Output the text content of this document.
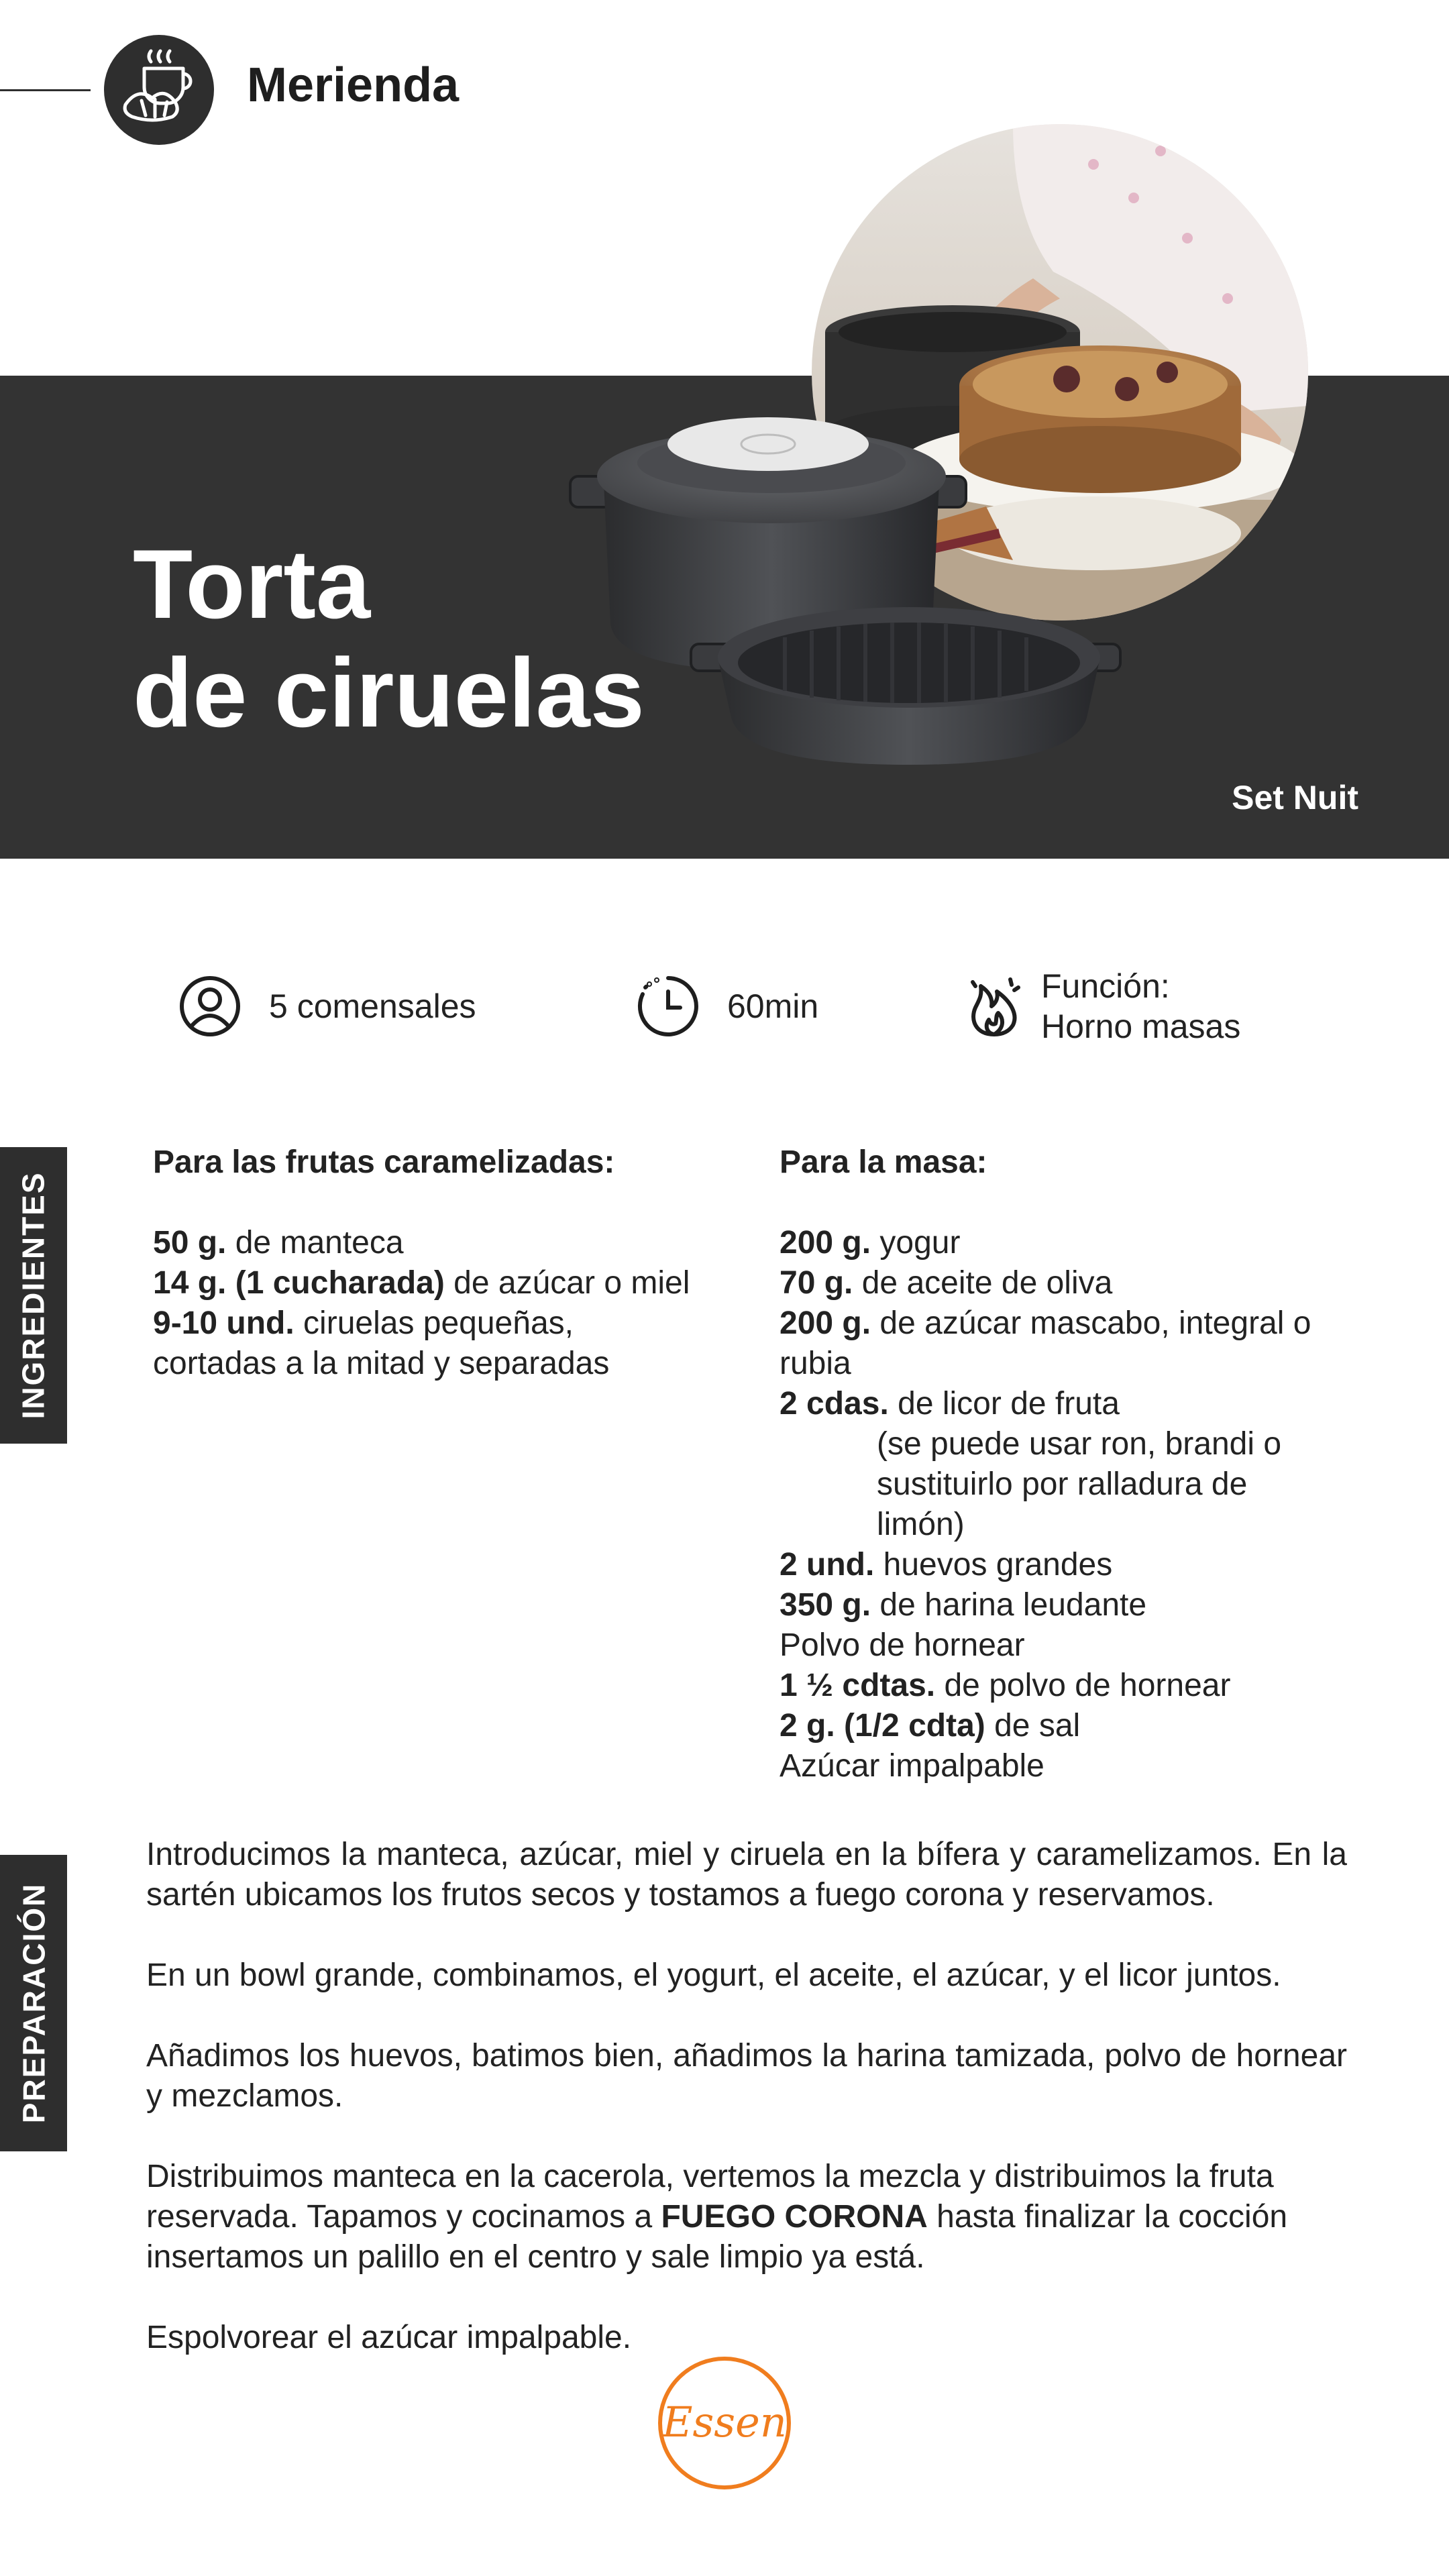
Merienda
Torta
de ciruelas
Set Nuit
5 comensales	60min
Función:
Horno masas
INGREDIENTES

Para las frutas caramelizadas:

50 g. de manteca

14 g. (1 cucharada) de azúcar o miel

9-10 und. ciruelas pequeñas,

cortadas a la mitad y separadas

Para la masa:

200 g. yogur

70 g. de aceite de oliva

200 g. de azúcar mascabo, integral o

rubia

2 cdas. de licor de fruta

(se puede usar ron, brandi o

sustituirlo por ralladura de

limón)

2 und. huevos grandes

350 g. de harina leudante

Polvo de hornear

1 ½ cdtas. de polvo de hornear

2 g. (1/2 cdta) de sal

Azúcar impalpable

PREPARACIÓN

Introducimos la manteca, azúcar, miel y ciruela en la bífera y caramelizamos. En la sartén ubicamos los frutos secos y tostamos a fuego corona y reservamos.

En un bowl grande, combinamos, el yogurt, el aceite, el azúcar, y el licor juntos.

Añadimos los huevos, batimos bien, añadimos la harina tamizada, polvo de hornear y mezclamos.

Distribuimos manteca en la cacerola, vertemos la mezcla y distribuimos la fruta reservada. Tapamos y cocinamos a FUEGO CORONA hasta finalizar la cocción insertamos un palillo en el centro y sale limpio ya está.

Espolvorear el azúcar impalpable.

Essen
